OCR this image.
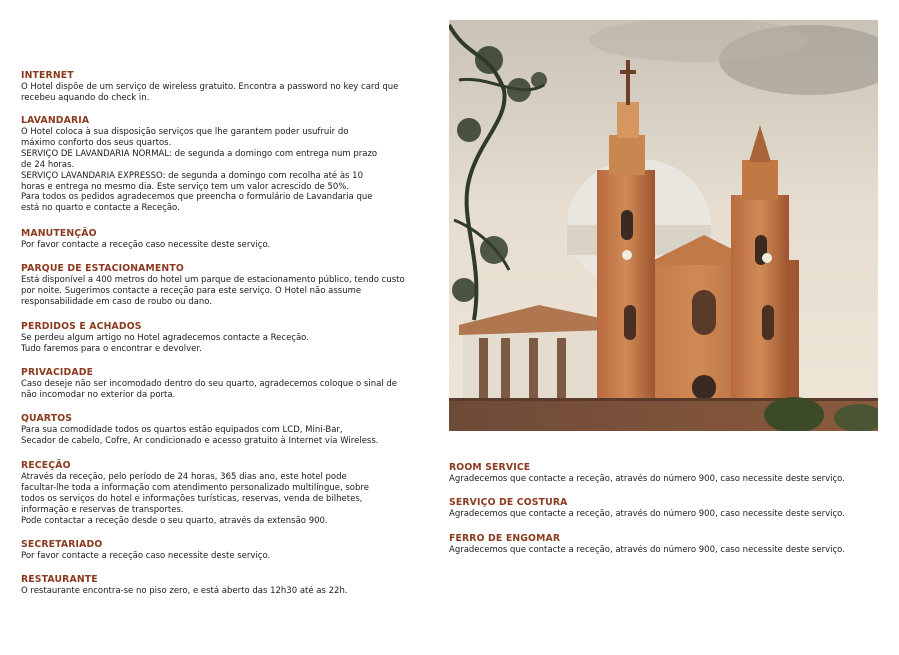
INTERNET
O Hotel dispõe de um serviço de wireless gratuito. Encontra a password no key card que
recebeu aquando do check in.
LAVANDARIA
O Hotel coloca à sua disposição serviços que lhe garantem poder usufruir do
máximo conforto dos seus quartos.
SERVIÇO DE LAVANDARIA NORMAL: de segunda a domingo com entrega num prazo
de 24 horas.
SERVIÇO LAVANDARIA EXPRESSO: de segunda a domingo com recolha até às 10
horas e entrega no mesmo dia. Este serviço tem um valor acrescido de 50%.
Para todos os pedidos agradecemos que preencha o formulário de Lavandaria que
está no quarto e contacte a Receção.
MANUTENÇÃO
Por favor contacte a receção caso necessite deste serviço.
PARQUE DE ESTACIONAMENTO
Está disponível a 400 metros do hotel um parque de estacionamento público, tendo custo
por noite. Sugerimos contacte a receção para este serviço. O Hotel não assume
responsabilidade em caso de roubo ou dano.
PERDIDOS E ACHADOS
Se perdeu algum artigo no Hotel agradecemos contacte a Receção.
Tudo faremos para o encontrar e devolver.
PRIVACIDADE
Caso deseje não ser incomodado dentro do seu quarto, agradecemos coloque o sinal de
não incomodar no exterior da porta.
QUARTOS
Para sua comodidade todos os quartos estão equipados com LCD, Mini-Bar,
Secador de cabelo, Cofre, Ar condicionado e acesso gratuito à Internet via Wireless.
RECEÇÃO
Através da receção, pelo período de 24 horas, 365 dias ano, este hotel pode
facultar-lhe toda a informação com atendimento personalizado multilíngue, sobre
todos os serviços do hotel e informações turísticas, reservas, venda de bilhetes,
informação e reservas de transportes.
Pode contactar a receção desde o seu quarto, através da extensão 900.
SECRETARIADO
Por favor contacte a receção caso necessite deste serviço.
RESTAURANTE
O restaurante encontra-se no piso zero, e está aberto das 12h30 até as 22h.
ROOM SERVICE
Agradecemos que contacte a receção, através do número 900, caso necessite deste serviço.
SERVIÇO DE COSTURA
Agradecemos que contacte a receção, através do número 900, caso necessite deste serviço.
FERRO DE ENGOMAR
Agradecemos que contacte a receção, através do número 900, caso necessite deste serviço.
